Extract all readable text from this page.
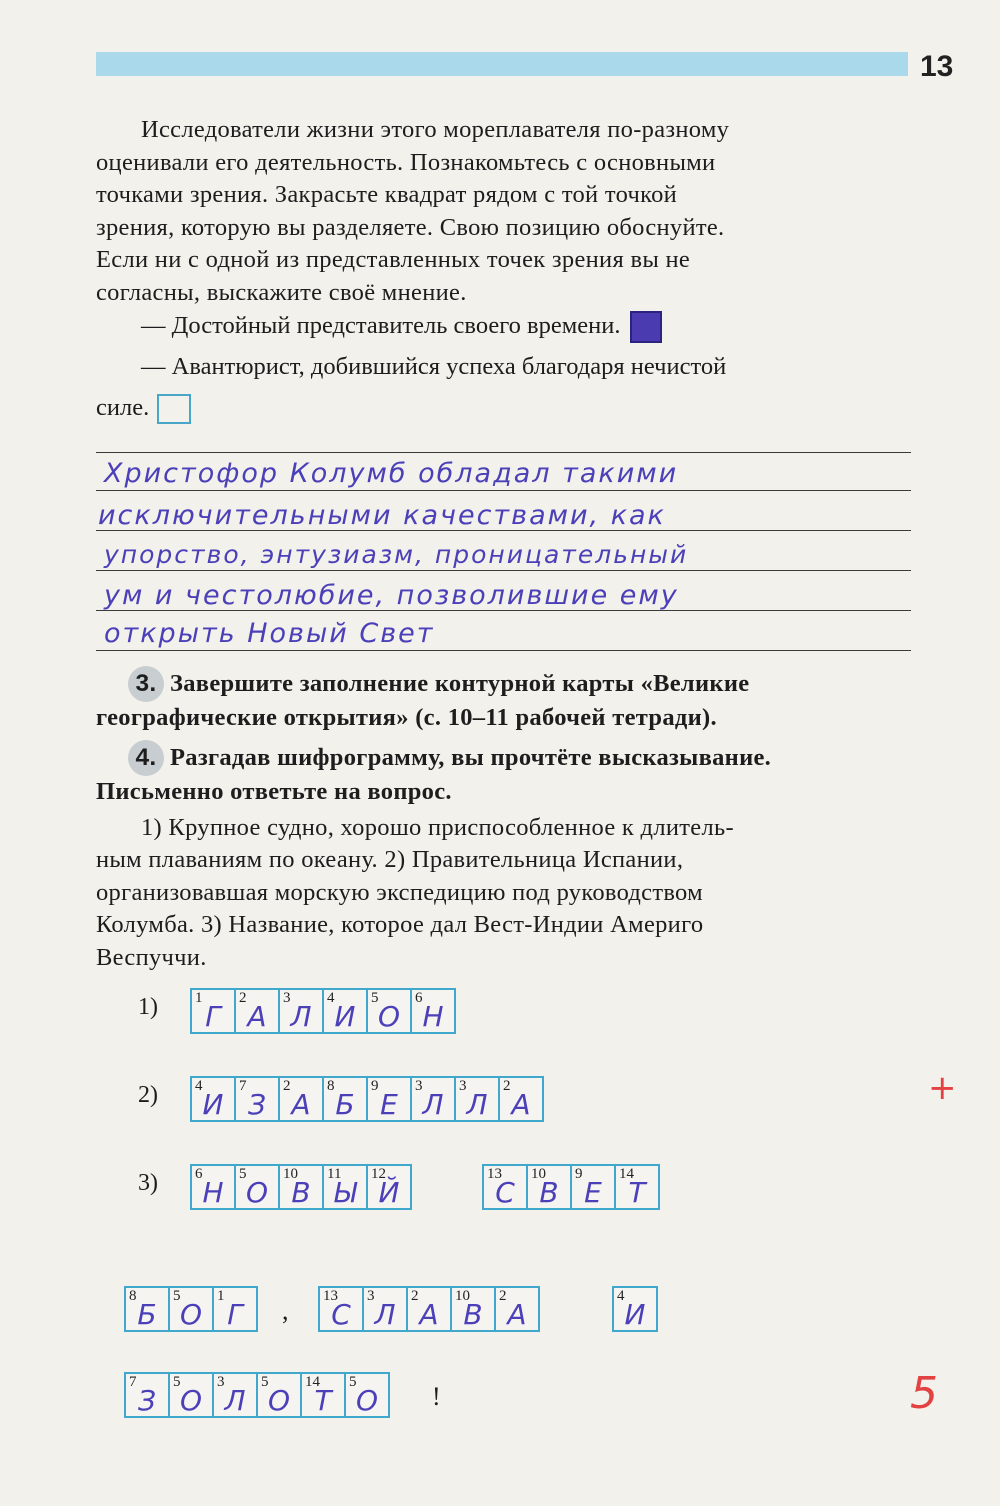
13

Исследователи жизни этого мореплавателя по-разному

оценивали его деятельность. Познакомьтесь с основными

точками зрения. Закрасьте квадрат рядом с той точкой

зрения, которую вы разделяете. Свою позицию обоснуйте.

Если ни с одной из представленных точек зрения вы не

согласны, выскажите своё мнение.

— Достойный представитель своего времени.
— Авантюрист, добившийся успеха благодаря нечистой
силе.
Христофор Колумб обладал такими
исключительными качествами, как
упорство, энтузиазм, проницательный
ум и честолюбие, позволившие ему
открыть Новый Свет

3. Завершите заполнение контурной карты «Великие

географические открытия» (с. 10–11 рабочей тетради).

4. Разгадав шифрограмму, вы прочтёте высказывание.

Письменно ответьте на вопрос.

1) Крупное судно, хорошо приспособленное к длитель-

ным плаваниям по океану. 2) Правительница Испании,

организовавшая морскую экспедицию под руководством

Колумба. 3) Название, которое дал Вест-Индии Америго

Веспуччи.

1) 1
Г
2
А
3
Л
4
И
5
О
6
Н
2) 4
И
7
З
2
А
8
Б
9
Е
3
Л
3
Л
2
А
3) 6
Н
5
О
10
В
11
Ы
12
Й
13
С
10
В
9
Е
14
Т
8
Б
5
О
1
Г	, 13
С
3
Л
2
А
10
В
2
А
4
И
7
З
5
О
3
Л
5
О
14
Т
5
О	!
+
5
